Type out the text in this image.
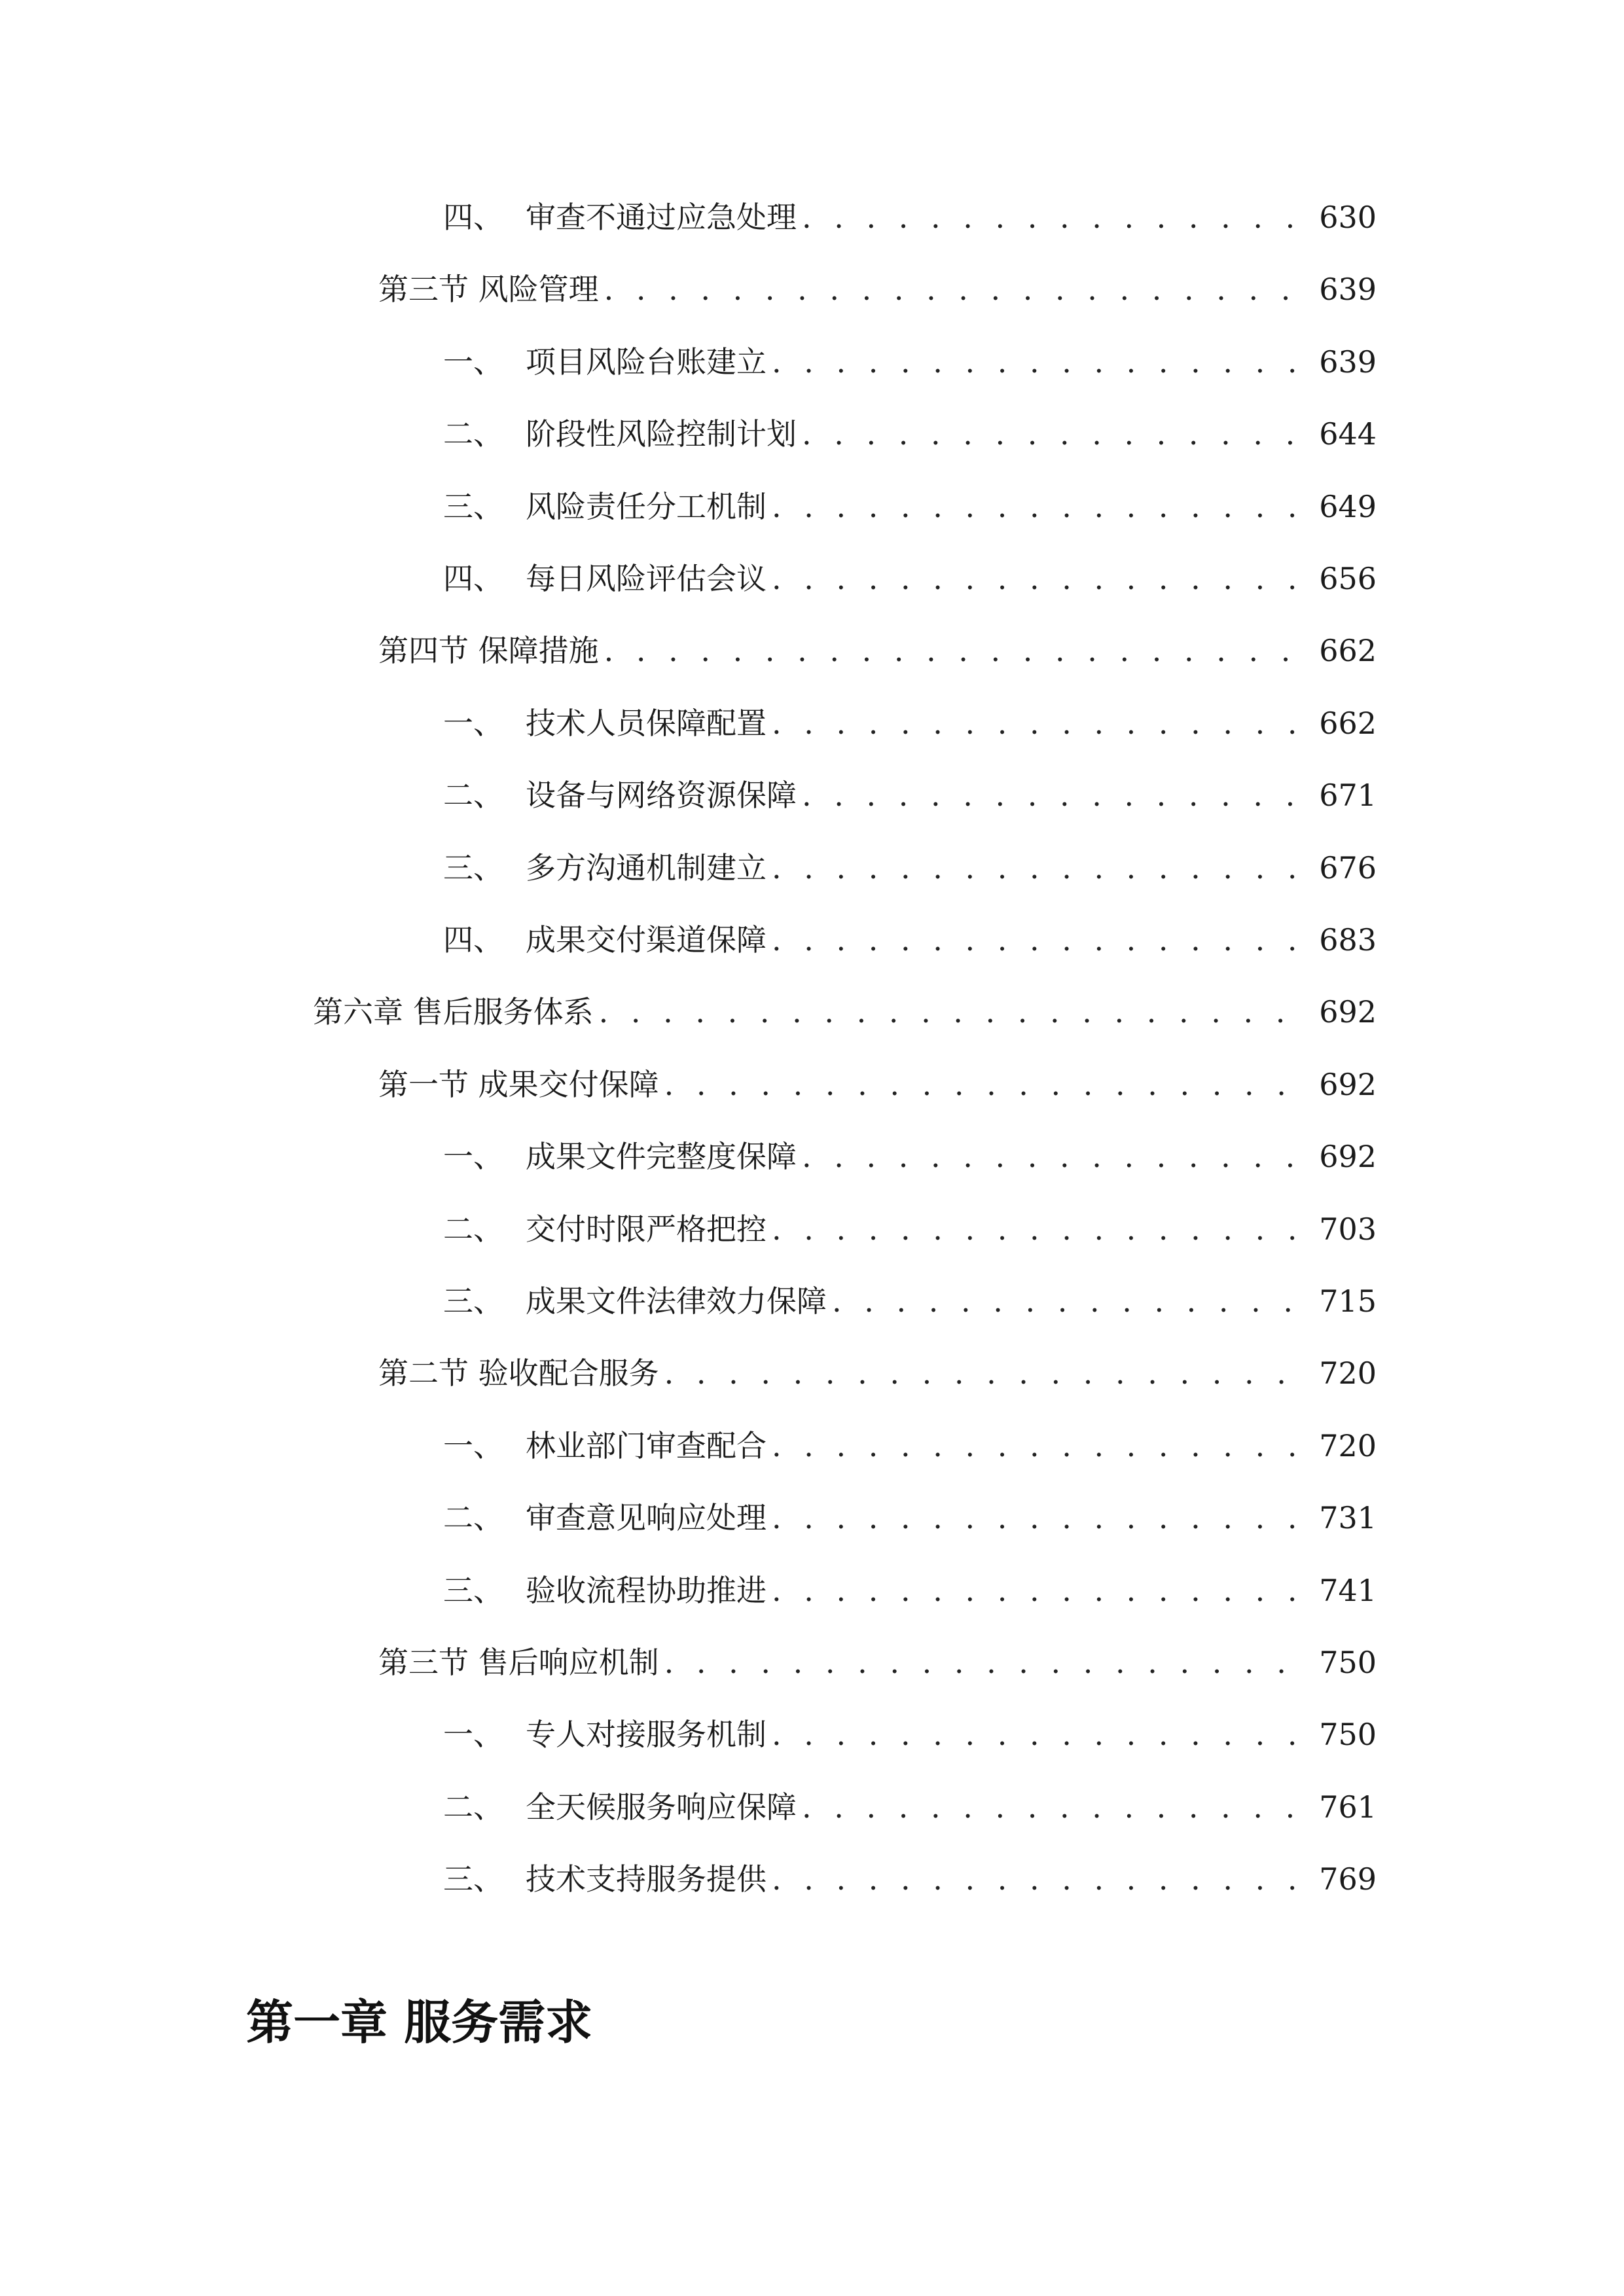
四、 审查不通过应急处理 . . .	630
第三节 风险管理 . . .	639
一、 项目风险台账建立 . . .	639
二、 阶段性风险控制计划 . . .	644
三、 风险责任分工机制 . . .	649
四、 每日风险评估会议 . . .	656
第四节 保障措施 . . .	662
一、 技术人员保障配置 . . .	662
二、 设备与网络资源保障 . . .	671
三、 多方沟通机制建立 . . .	676
四、 成果交付渠道保障 . . .	683
第六章 售后服务体系 . . .	692
第一节 成果交付保障 . . .	692
一、 成果文件完整度保障 . . .	692
二、 交付时限严格把控 . . .	703
三、 成果文件法律效力保障 . . .	715
第二节 验收配合服务 . . .	720
一、 林业部门审查配合 . . .	720
二、 审查意见响应处理 . . .	731
三、 验收流程协助推进 . . .	741
第三节 售后响应机制 . . .	750
一、 专人对接服务机制 . . .	750
二、 全天候服务响应保障 . . .	761
三、 技术支持服务提供 . . .	769
第一章 服务需求
